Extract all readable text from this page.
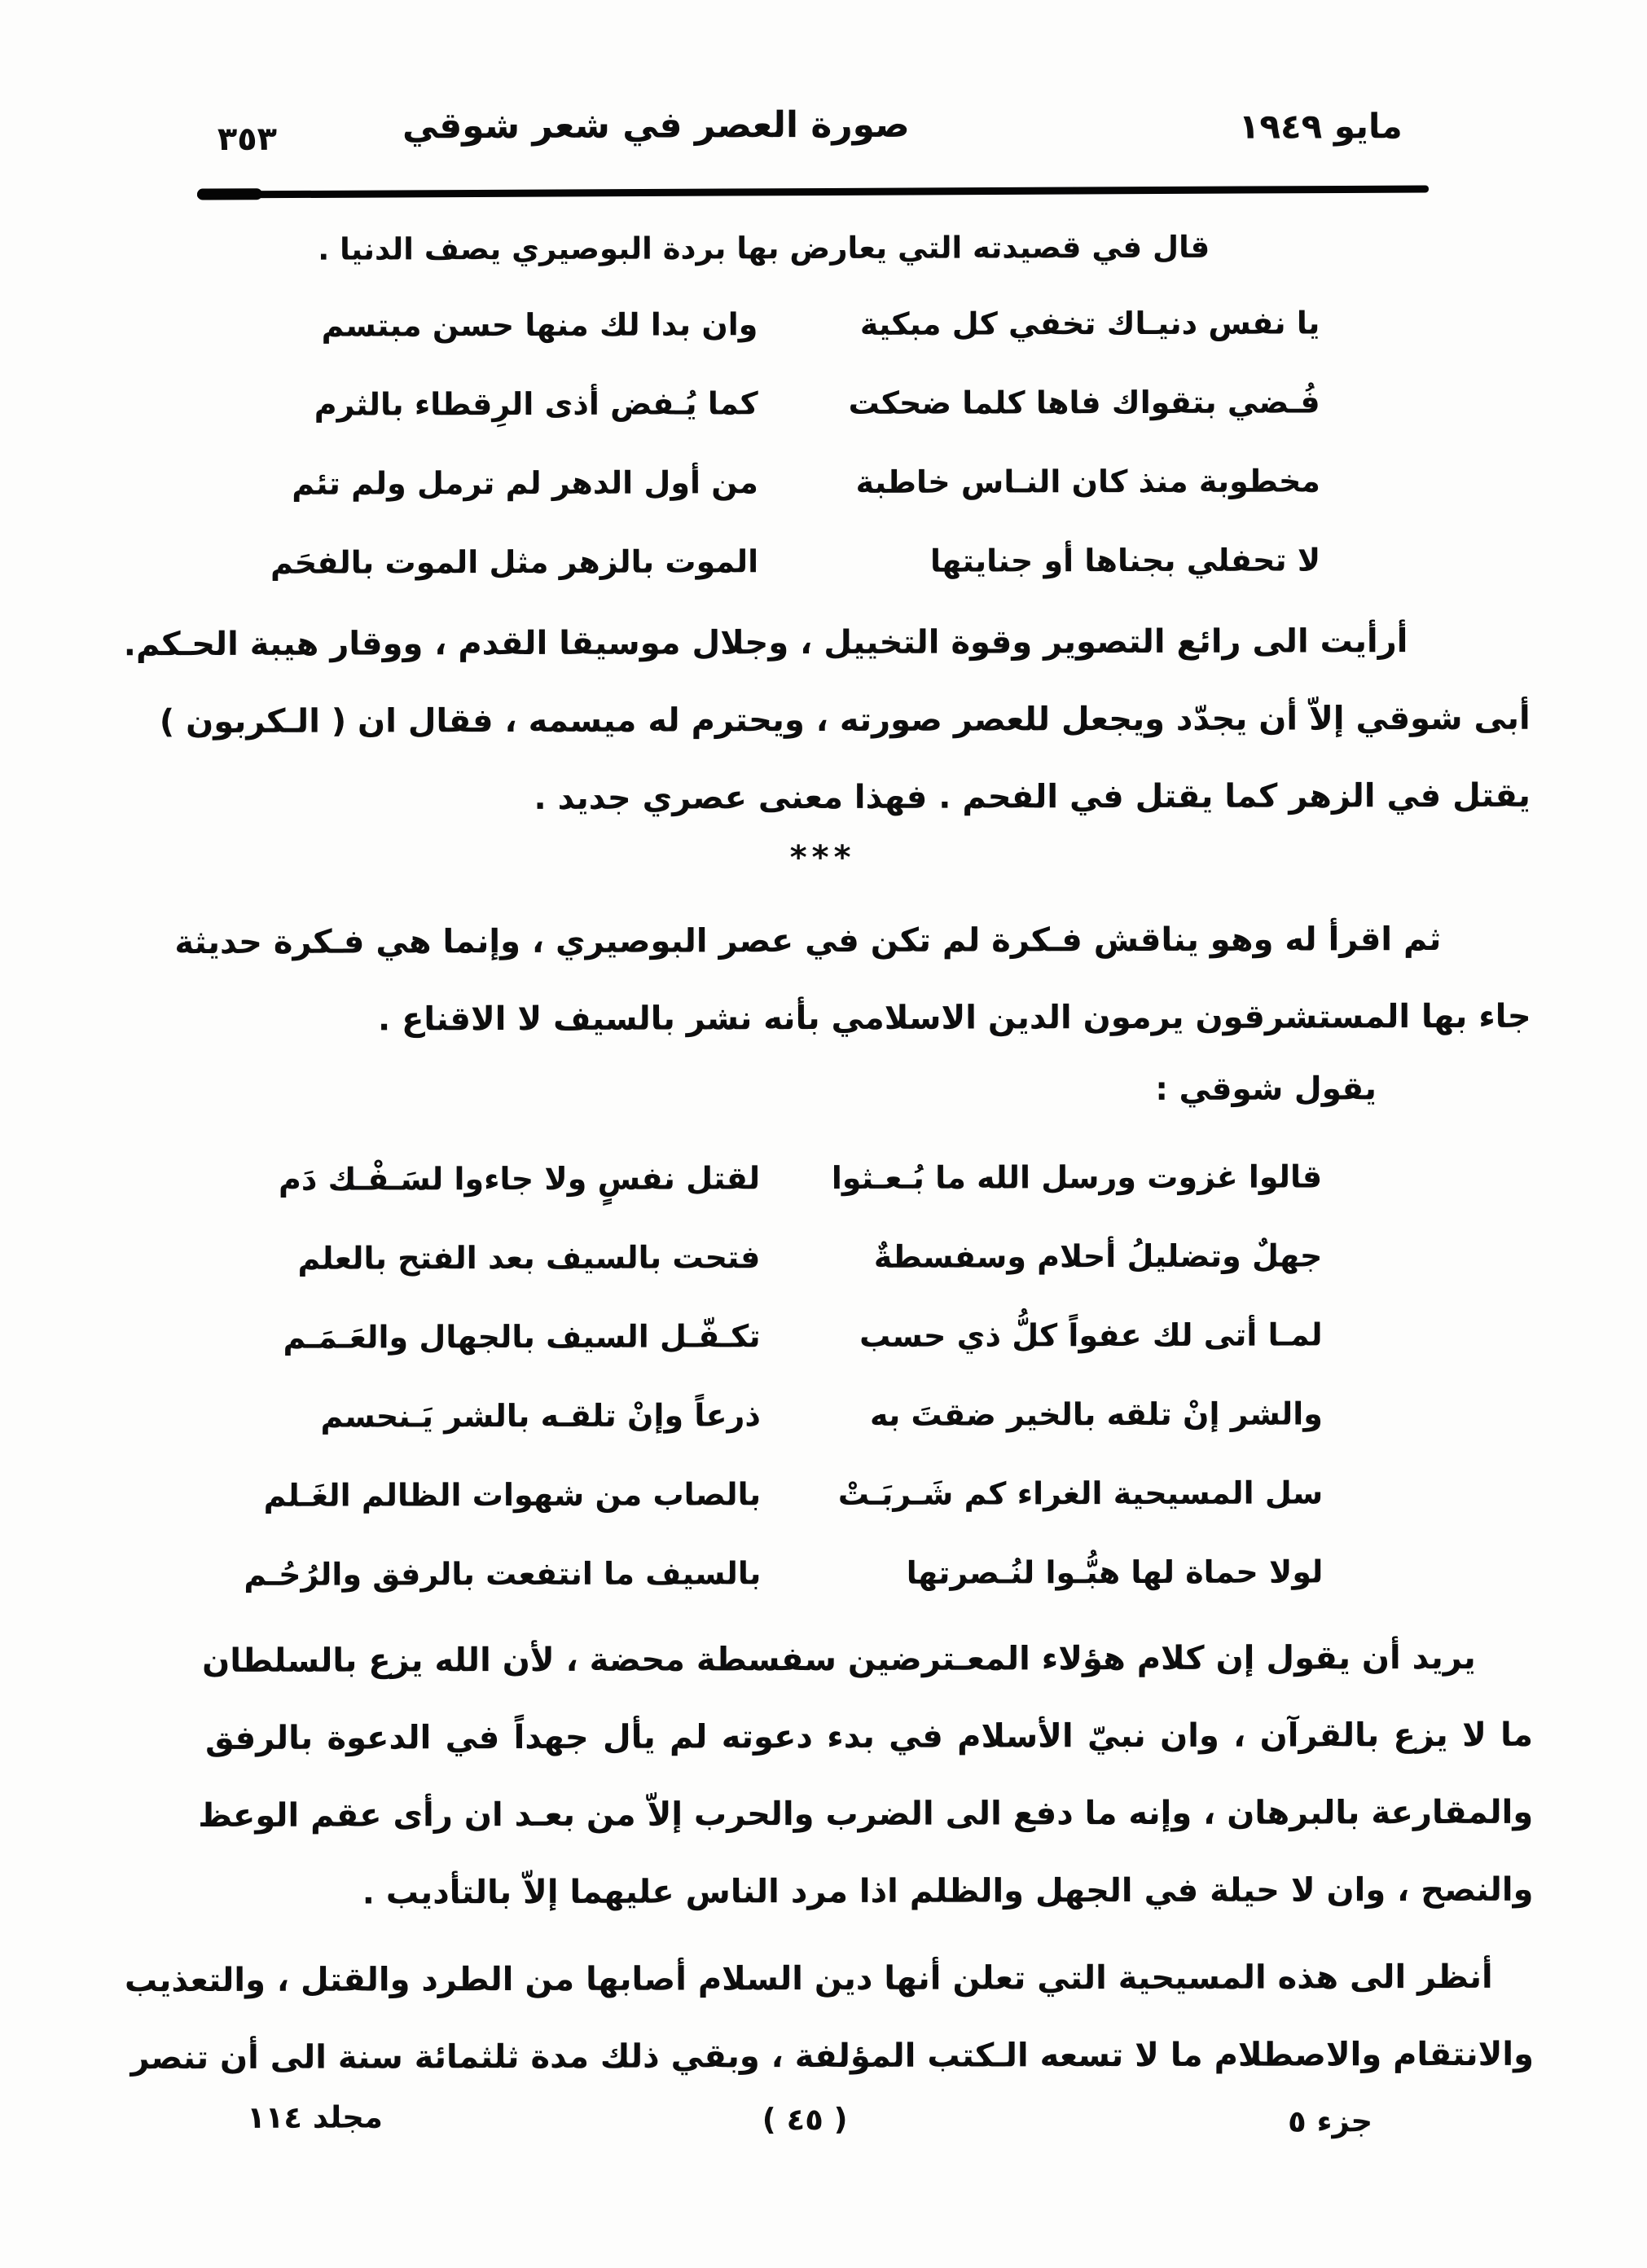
مايو ١٩٤٩
صورة العصر في شعر شوقي
٣٥٣
قال في قصيدته التي يعارض بها بردة البوصيري يصف الدنيا .
يا نفس دنيـاك تخفي كل مبكية
وان بدا لك منها حسن مبتسم
فُـضي بتقواك فاها كلما ضحكت
كما يُـفض أذى الرِقطاء بالثرم
مخطوبة منذ كان النـاس خاطبة
من أول الدهر لم ترمل ولم تئم
لا تحفلي بجناها أو جنايتها
الموت بالزهر مثل الموت بالفحَم
أرأيت الى رائع التصوير وقوة التخييل ، وجلال موسيقا القدم ، ووقار هيبة الحـكم.
أبى شوقي إلاّ أن يجدّد ويجعل للعصر صورته ، ويحترم له ميسمه ، فقال ان ( الـكربون )
يقتل في الزهر كما يقتل في الفحم . فهذا معنى عصري جديد .
***
ثم اقرأ له وهو يناقش فـكرة لم تكن في عصر البوصيري ، وإنما هي فـكرة حديثة
جاء بها المستشرقون يرمون الدين الاسلامي بأنه نشر بالسيف لا الاقناع .
يقول شوقي :
قالوا غزوت ورسل الله ما بُـعـثوا
لقتل نفسٍ ولا جاءوا لسَـفْـك دَم
جهلٌ وتضليلُ أحلام وسفسطةٌ
فتحت بالسيف بعد الفتح بالعلم
لمـا أتى لك عفواً كلُّ ذي حسب
تكـفّـل السيف بالجهال والعَـمَـم
والشر إنْ تلقه بالخير ضقتَ به
ذرعاً وإنْ تلقـه بالشر يَـنحسم
سل المسيحية الغراء كم شَـربَـتْ
بالصاب من شهوات الظالم الغَـلم
لولا حماة لها هبُّـوا لنُـصرتها
بالسيف ما انتفعت بالرفق والرُحُـم
يريد أن يقول إن كلام هؤلاء المعـترضين سفسطة محضة ، لأن الله يزع بالسلطان
ما لا يزع بالقرآن ، وان نبيّ الأسلام في بدء دعوته لم يأل جهداً في الدعوة بالرفق
والمقارعة بالبرهان ، وإنه ما دفع الى الضرب والحرب إلاّ من بعـد ان رأى عقم الوعظ
والنصح ، وان لا حيلة في الجهل والظلم اذا مرد الناس عليهما إلاّ بالتأديب .
أنظر الى هذه المسيحية التي تعلن أنها دين السلام أصابها من الطرد والقتل ، والتعذيب
والانتقام والاصطلام ما لا تسعه الـكتب المؤلفة ، وبقي ذلك مدة ثلثمائة سنة الى أن تنصر
جزء ٥
( ٤٥ )
مجلد ١١٤
